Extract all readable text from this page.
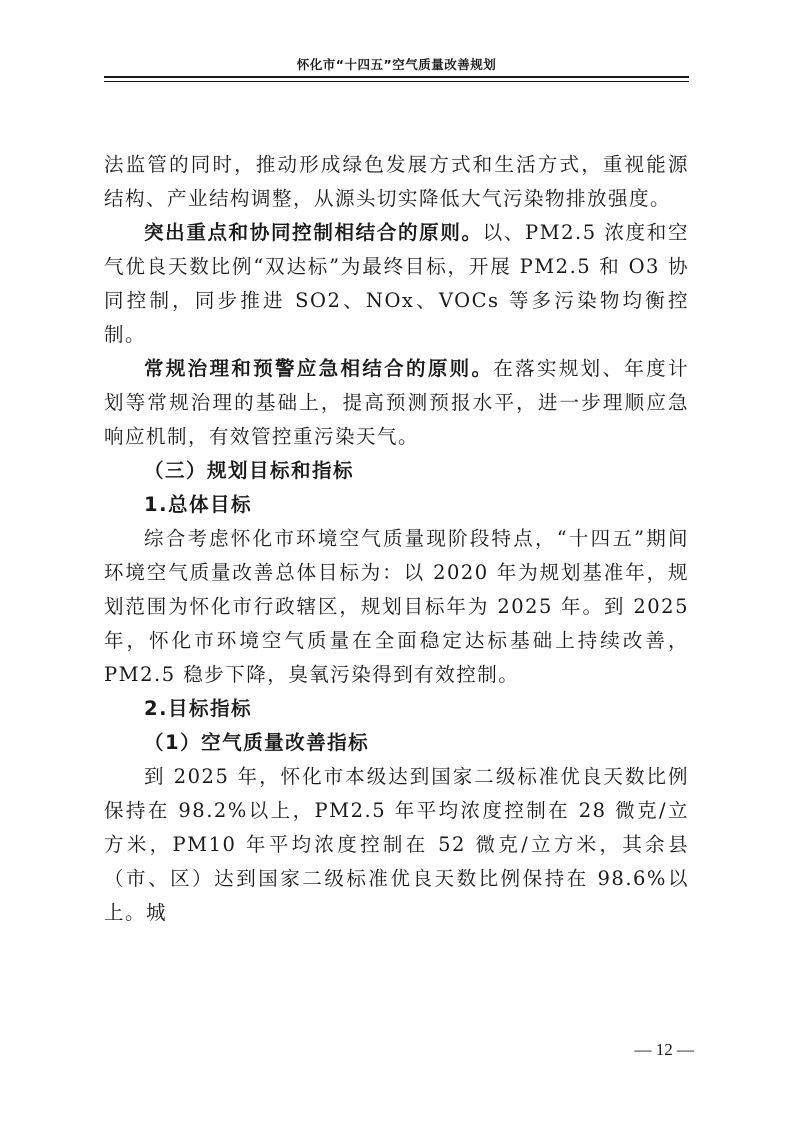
怀化市“十四五”空气质量改善规划

法监管的同时，推动形成绿色发展方式和生活方式，重视能源结构、产业结构调整，从源头切实降低大气污染物排放强度。

突出重点和协同控制相结合的原则。以、PM2.5 浓度和空气优良天数比例“双达标”为最终目标，开展 PM2.5 和 O3 协同控制，同步推进 SO2、NOx、VOCs 等多污染物均衡控制。

常规治理和预警应急相结合的原则。在落实规划、年度计划等常规治理的基础上，提高预测预报水平，进一步理顺应急响应机制，有效管控重污染天气。

（三）规划目标和指标

1.总体目标

综合考虑怀化市环境空气质量现阶段特点，“十四五”期间环境空气质量改善总体目标为：以 2020 年为规划基准年，规划范围为怀化市行政辖区，规划目标年为 2025 年。到 2025 年，怀化市环境空气质量在全面稳定达标基础上持续改善，PM2.5 稳步下降，臭氧污染得到有效控制。

2.目标指标

（1）空气质量改善指标

到 2025 年，怀化市本级达到国家二级标准优良天数比例保持在 98.2%以上，PM2.5 年平均浓度控制在 28 微克/立方米，PM10 年平均浓度控制在 52 微克/立方米，其余县（市、区）达到国家二级标准优良天数比例保持在 98.6%以上。城

— 12 —
